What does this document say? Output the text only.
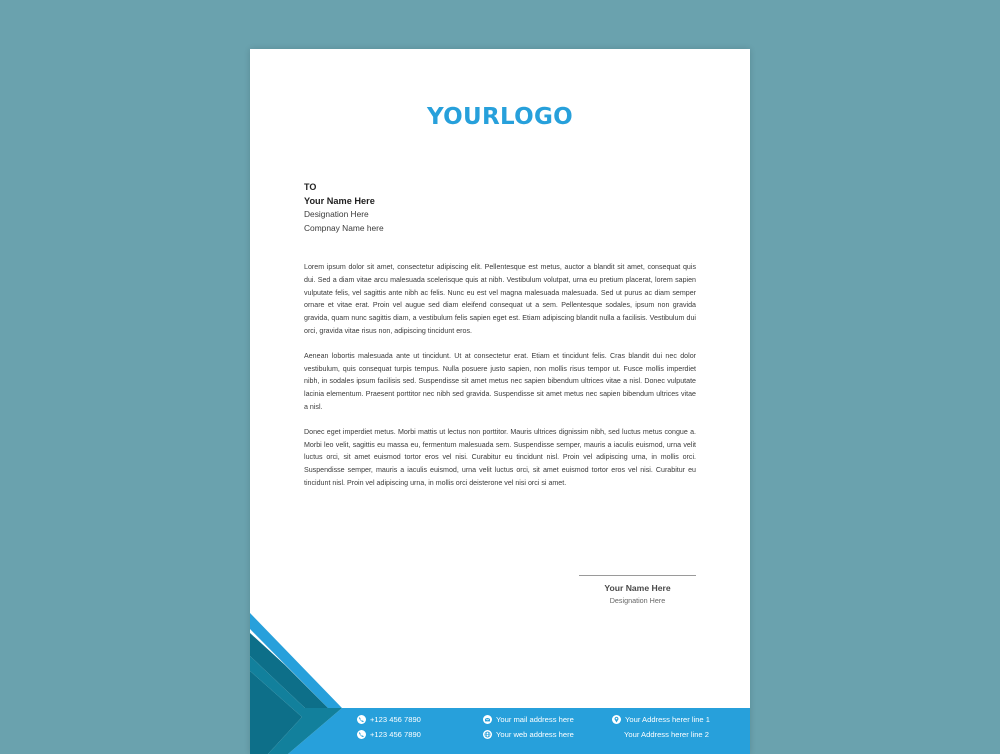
YOURLOGO
TO
Your Name Here
Designation Here
Compnay Name here

Lorem ipsum dolor sit amet, consectetur adipiscing elit. Pellentesque est metus, auctor a blandit sit amet, consequat quis dui. Sed a diam vitae arcu malesuada scelerisque quis at nibh. Vestibulum volutpat, urna eu pretium placerat, lorem sapien vulputate felis, vel sagittis ante nibh ac felis. Nunc eu est vel magna malesuada malesuada. Sed ut purus ac diam semper ornare et vitae erat. Proin vel augue sed diam eleifend consequat ut a sem. Pellentesque sodales, ipsum non gravida gravida, quam nunc sagittis diam, a vestibulum felis sapien eget est. Etiam adipiscing blandit nulla a facilisis. Vestibulum dui orci, gravida vitae risus non, adipiscing tincidunt eros.

Aenean lobortis malesuada ante ut tincidunt. Ut at consectetur erat. Etiam et tincidunt felis. Cras blandit dui nec dolor vestibulum, quis consequat turpis tempus. Nulla posuere justo sapien, non mollis risus tempor ut. Fusce mollis imperdiet nibh, in sodales ipsum facilisis sed. Suspendisse sit amet metus nec sapien bibendum ultrices vitae a nisl. Donec vulputate lacinia elementum. Praesent porttitor nec nibh sed gravida. Suspendisse sit amet metus nec sapien bibendum ultrices vitae a nisl.

Donec eget imperdiet metus. Morbi mattis ut lectus non porttitor. Mauris ultrices dignissim nibh, sed luctus metus congue a. Morbi leo velit, sagittis eu massa eu, fermentum malesuada sem. Suspendisse semper, mauris a iaculis euismod, urna velit luctus orci, sit amet euismod tortor eros vel nisi. Curabitur eu tincidunt nisl. Proin vel adipiscing urna, in mollis orci. Suspendisse semper, mauris a iaculis euismod, urna velit luctus orci, sit amet euismod tortor eros vel nisi. Curabitur eu tincidunt nisl. Proin vel adipiscing urna, in mollis orci deisterone vel nisi orci si amet.

Your Name Here
Designation Here
+123 456 7890
+123 456 7890
Your mail address here
Your web address here
Your Address herer line 1
Your Address herer line 2
